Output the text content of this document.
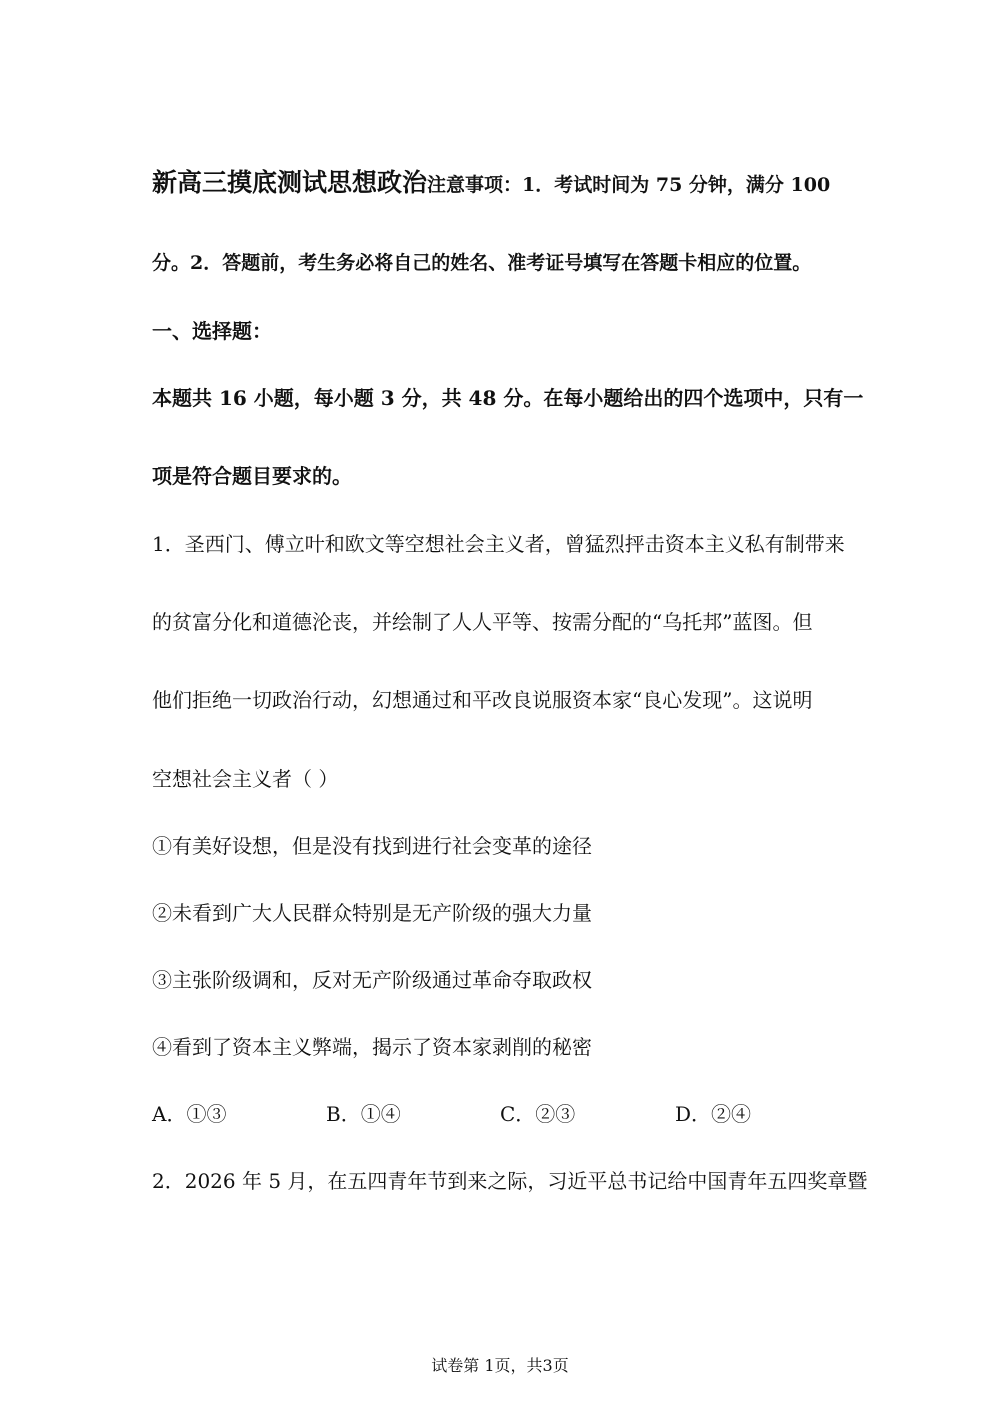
新高三摸底测试思想政治注意事项：1．考试时间为 75 分钟，满分 100
分。2．答题前，考生务必将自己的姓名、准考证号填写在答题卡相应的位置。
一、选择题：
本题共 16 小题，每小题 3 分，共 48 分。在每小题给出的四个选项中，只有一
项是符合题目要求的。
1．圣西门、傅立叶和欧文等空想社会主义者，曾猛烈抨击资本主义私有制带来
的贫富分化和道德沦丧，并绘制了人人平等、按需分配的“乌托邦”蓝图。但
他们拒绝一切政治行动，幻想通过和平改良说服资本家“良心发现”。这说明
空想社会主义者（ ）
①有美好设想，但是没有找到进行社会变革的途径
②未看到广大人民群众特别是无产阶级的强大力量
③主张阶级调和，反对无产阶级通过革命夺取政权
④看到了资本主义弊端，揭示了资本家剥削的秘密
A．①③	B．①④	C．②③	D．②④
2．2026 年 5 月，在五四青年节到来之际，习近平总书记给中国青年五四奖章暨
试卷第 1页，共3页
